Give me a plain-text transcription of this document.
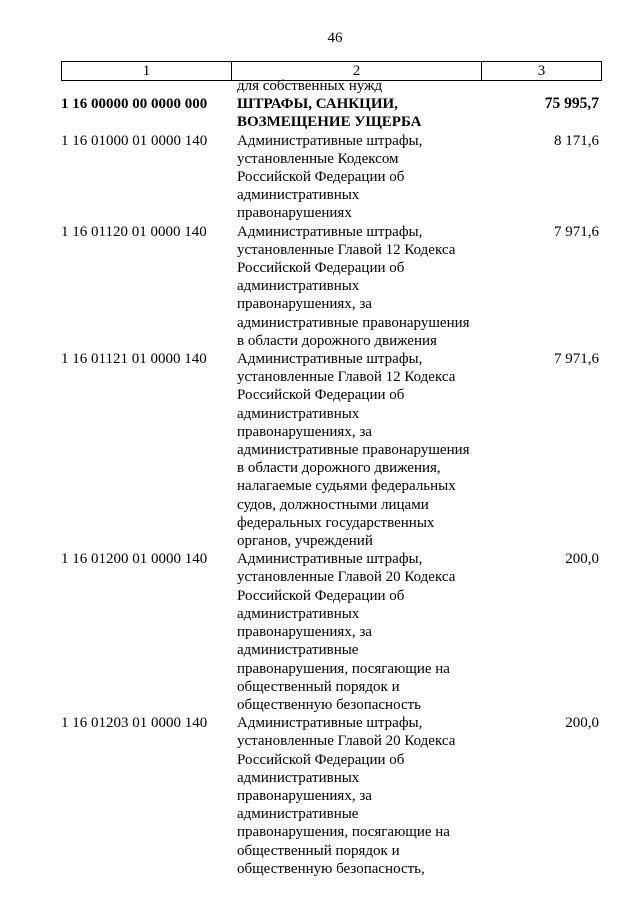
46
1	2	3
для собственных нужд
1 16 00000 00 0000 000	ШТРАФЫ, САНКЦИИ,
ВОЗМЕЩЕНИЕ УЩЕРБА
75 995,7
1 16 01000 01 0000 140	Административные штрафы,
установленные Кодексом
Российской Федерации об
административных
правонарушениях
8 171,6
1 16 01120 01 0000 140	Административные штрафы,
установленные Главой 12 Кодекса
Российской Федерации об
административных
правонарушениях, за
административные правонарушения
в области дорожного движения
7 971,6
1 16 01121 01 0000 140	Административные штрафы,
установленные Главой 12 Кодекса
Российской Федерации об
административных
правонарушениях, за
административные правонарушения
в области дорожного движения,
налагаемые судьями федеральных
судов, должностными лицами
федеральных государственных
органов, учреждений
7 971,6
1 16 01200 01 0000 140	Административные штрафы,
установленные Главой 20 Кодекса
Российской Федерации об
административных
правонарушениях, за
административные
правонарушения, посягающие на
общественный порядок и
общественную безопасность
200,0
1 16 01203 01 0000 140	Административные штрафы,
установленные Главой 20 Кодекса
Российской Федерации об
административных
правонарушениях, за
административные
правонарушения, посягающие на
общественный порядок и
общественную безопасность,
200,0
